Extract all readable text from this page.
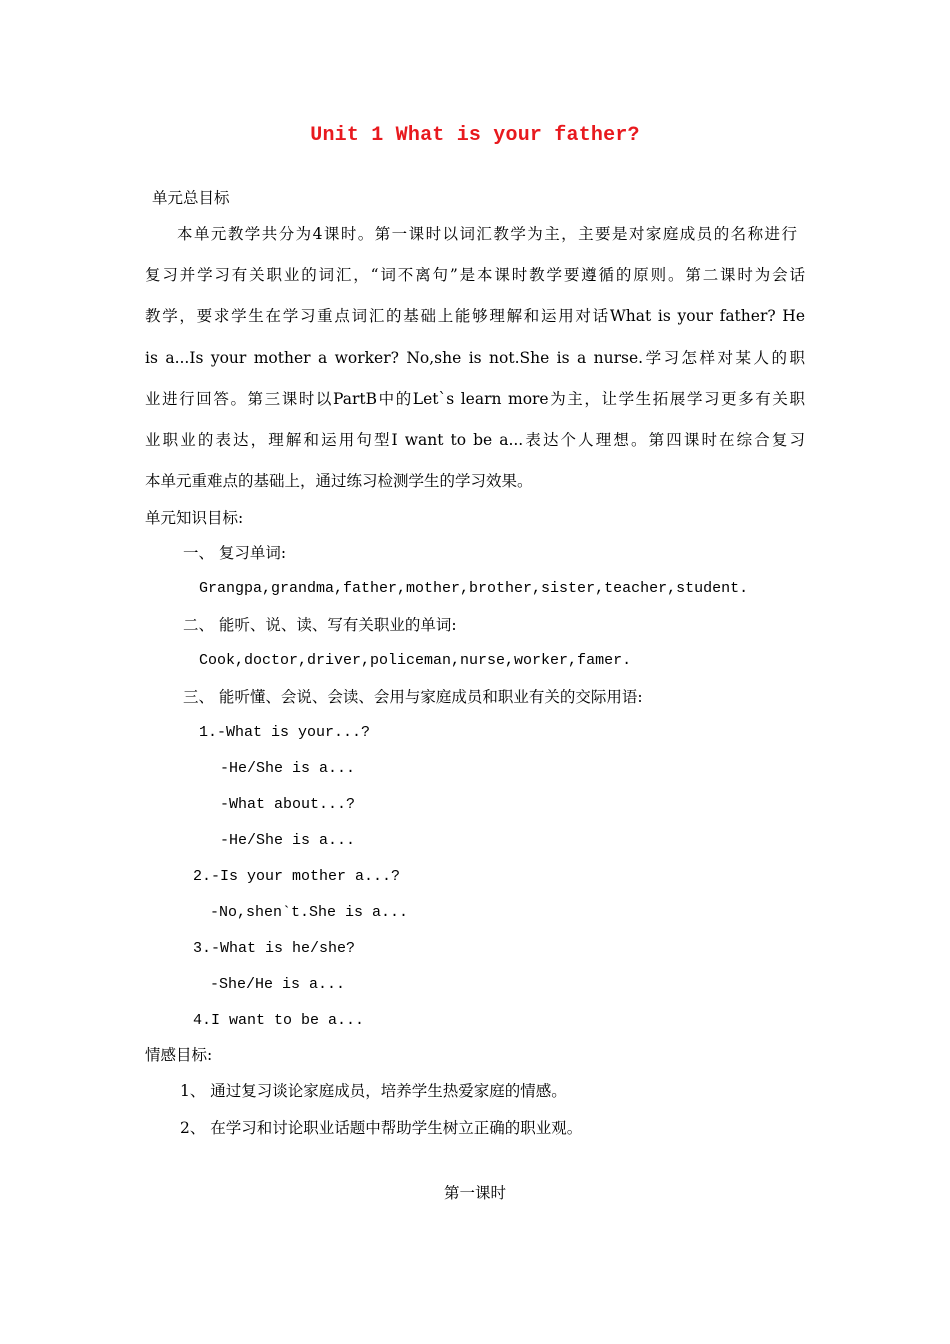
Unit 1 What is your father?
单元总目标
本单元教学共分为4课时。第一课时以词汇教学为主，主要是对家庭成员的名称进行
复习并学习有关职业的词汇，“词不离句”是本课时教学要遵循的原则。第二课时为会话
教学，要求学生在学习重点词汇的基础上能够理解和运用对话What is your father? He
is a...Is your mother a worker? No,she is not.She is a nurse.学习怎样对某人的职
业进行回答。第三课时以PartB中的Let`s learn more为主，让学生拓展学习更多有关职
业职业的表达，理解和运用句型I want to be a...表达个人理想。第四课时在综合复习
本单元重难点的基础上，通过练习检测学生的学习效果。
单元知识目标:
一、 复习单词:
Grangpa,grandma,father,mother,brother,sister,teacher,student.
二、 能听、说、读、写有关职业的单词:
Cook,doctor,driver,policeman,nurse,worker,famer.
三、 能听懂、会说、会读、会用与家庭成员和职业有关的交际用语:
1.-What is your...?
-He/She is a...
-What about...?
-He/She is a...
2.-Is your mother a...?
-No,shen`t.She is a...
3.-What is he/she?
-She/He is a...
4.I want to be a...
情感目标:
1、 通过复习谈论家庭成员，培养学生热爱家庭的情感。
2、 在学习和讨论职业话题中帮助学生树立正确的职业观。
第一课时
